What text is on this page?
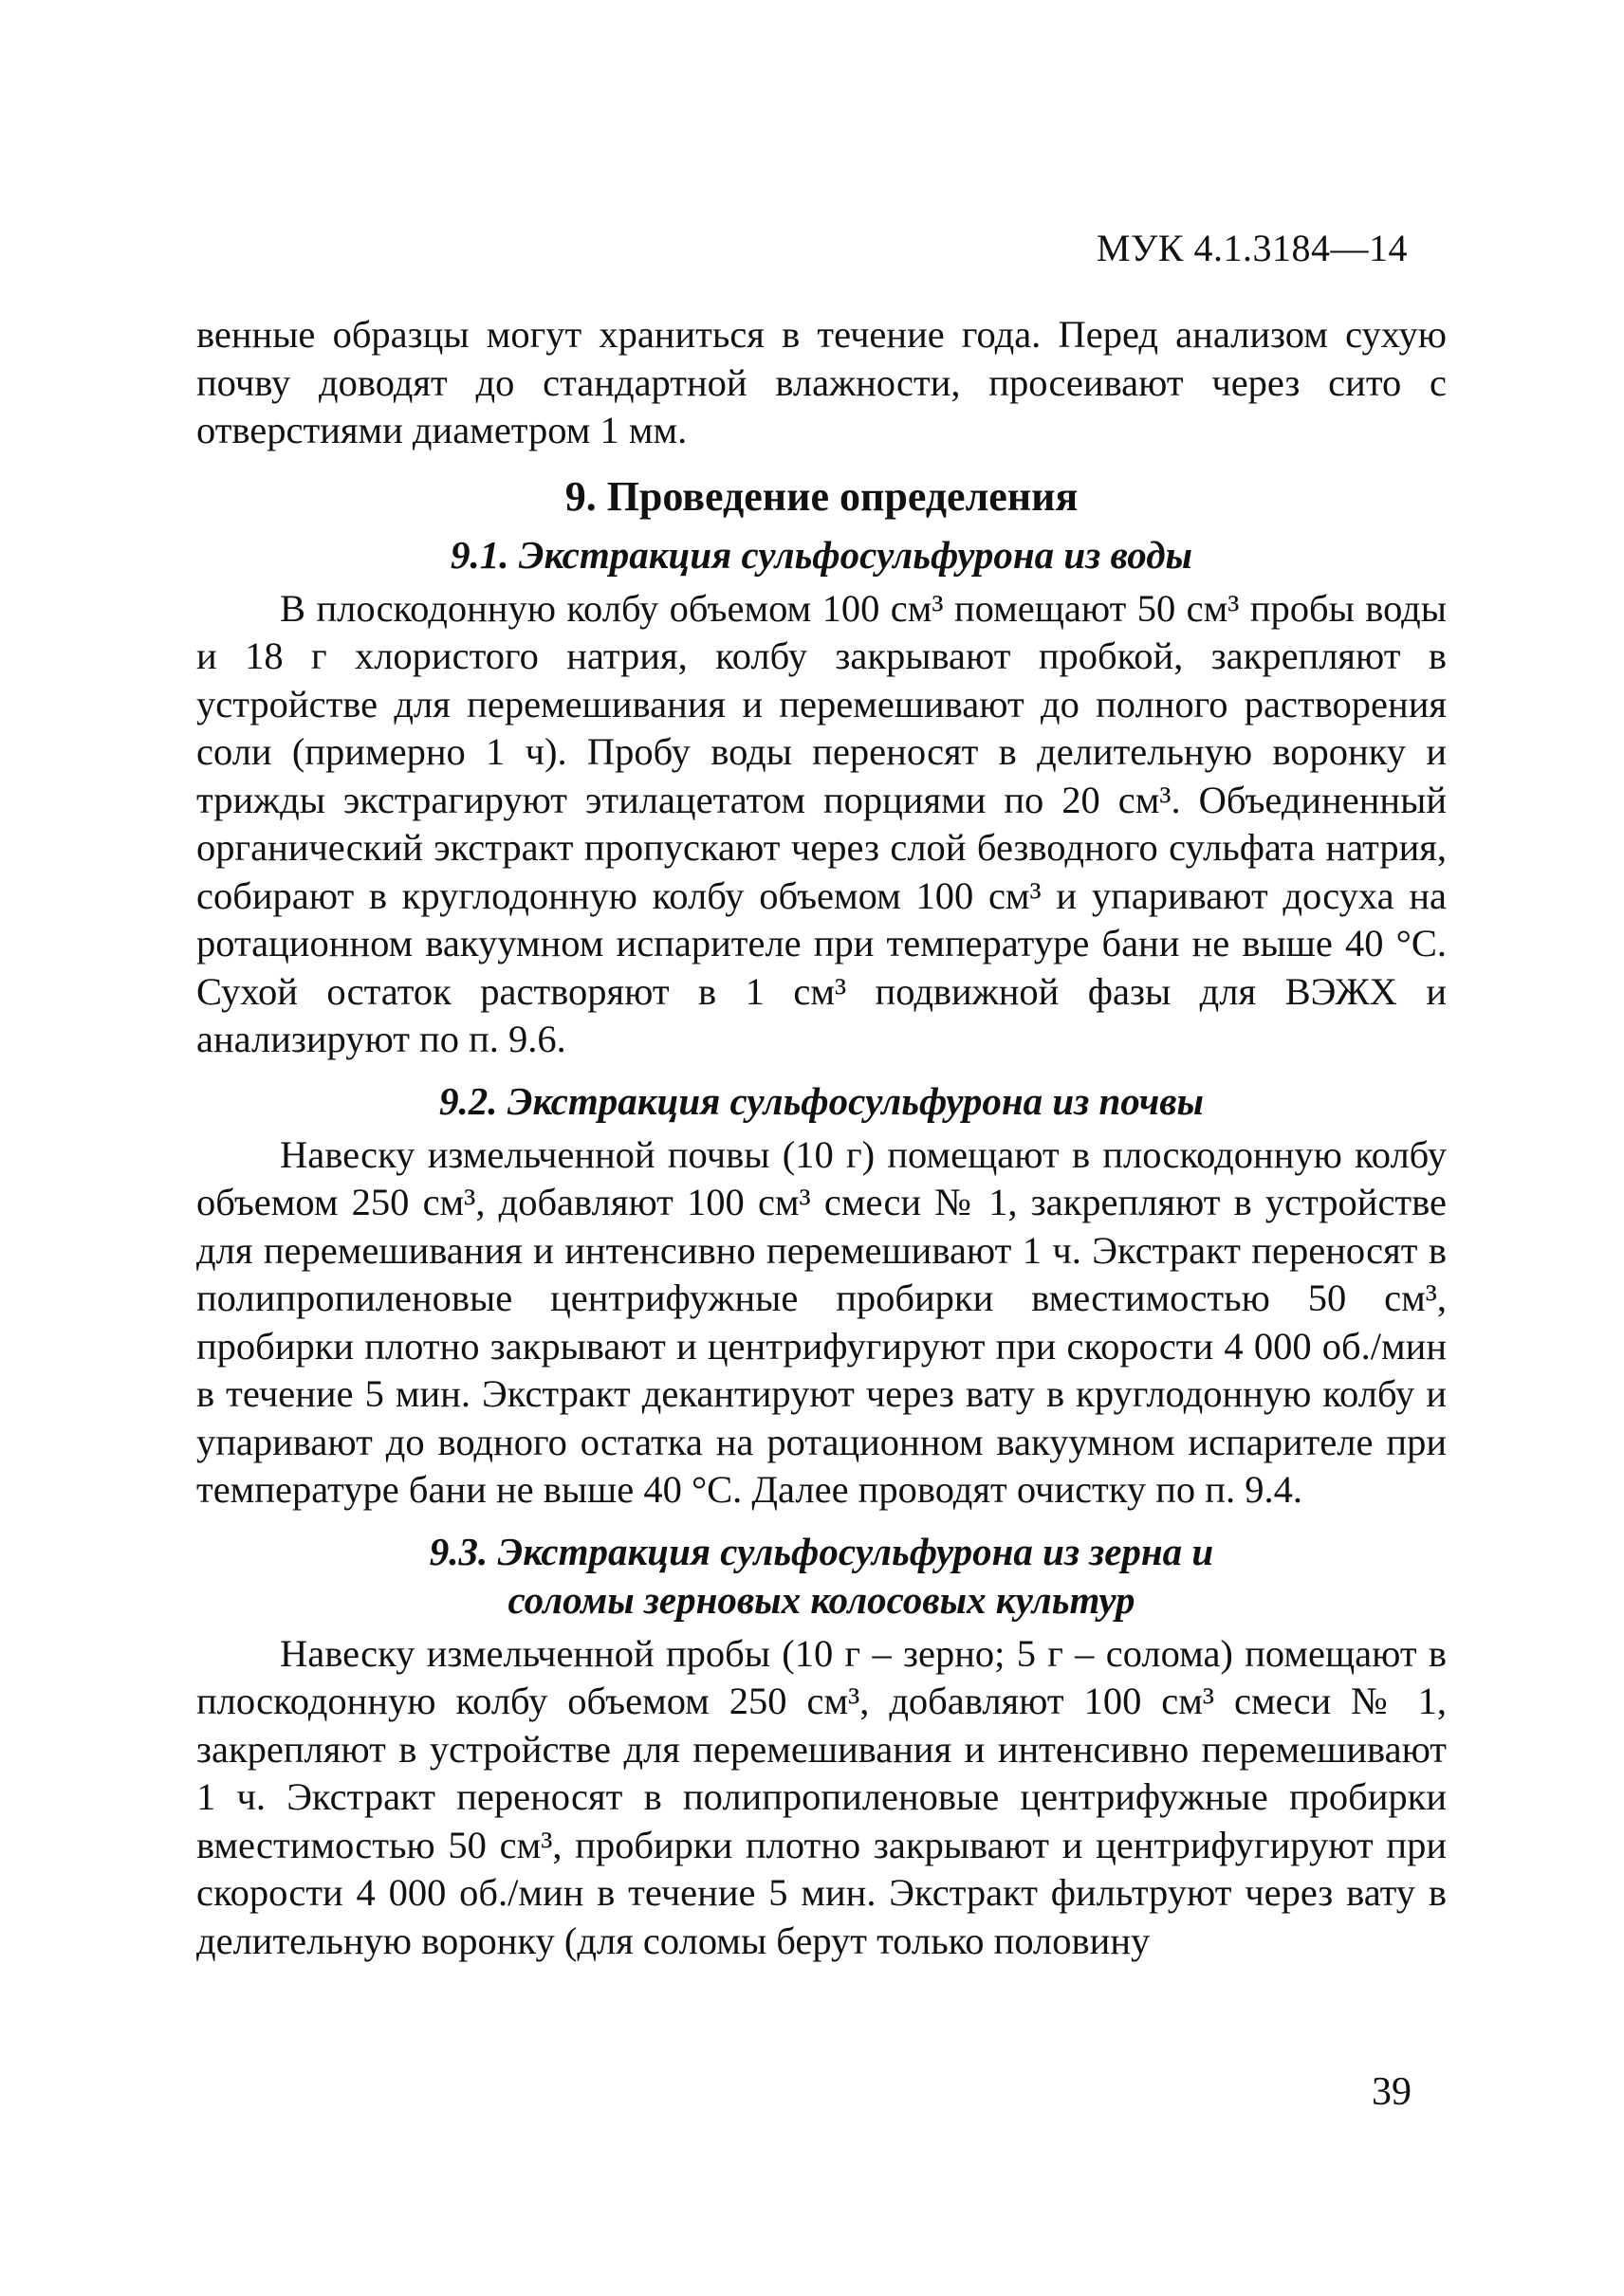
МУК 4.1.3184—14

венные образцы могут храниться в течение года. Перед анализом сухую почву доводят до стандартной влажности, просеивают через сито с отверстиями диаметром 1 мм.

9. Проведение определения
9.1. Экстракция сульфосульфурона из воды

В плоскодонную колбу объемом 100 см³ помещают 50 см³ пробы воды и 18 г хлористого натрия, колбу закрывают пробкой, закрепляют в устройстве для перемешивания и перемешивают до полного растворения соли (примерно 1 ч). Пробу воды переносят в делительную воронку и трижды экстрагируют этилацетатом порциями по 20 см³. Объединенный органический экстракт пропускают через слой безводного сульфата натрия, собирают в круглодонную колбу объемом 100 см³ и упаривают досуха на ротационном вакуумном испарителе при температуре бани не выше 40 °С. Сухой остаток растворяют в 1 см³ подвижной фазы для ВЭЖХ и анализируют по п. 9.6.

9.2. Экстракция сульфосульфурона из почвы

Навеску измельченной почвы (10 г) помещают в плоскодонную колбу объемом 250 см³, добавляют 100 см³ смеси № 1, закрепляют в устройстве для перемешивания и интенсивно перемешивают 1 ч. Экстракт переносят в полипропиленовые центрифужные пробирки вместимостью 50 см³, пробирки плотно закрывают и центрифугируют при скорости 4 000 об./мин в течение 5 мин. Экстракт декантируют через вату в круглодонную колбу и упаривают до водного остатка на ротационном вакуумном испарителе при температуре бани не выше 40 °С. Далее проводят очистку по п. 9.4.

9.3. Экстракция сульфосульфурона из зерна и
соломы зерновых колосовых культур

Навеску измельченной пробы (10 г – зерно; 5 г – солома) помещают в плоскодонную колбу объемом 250 см³, добавляют 100 см³ смеси № 1, закрепляют в устройстве для перемешивания и интенсивно перемешивают 1 ч. Экстракт переносят в полипропиленовые центрифужные пробирки вместимостью 50 см³, пробирки плотно закрывают и центрифугируют при скорости 4 000 об./мин в течение 5 мин. Экстракт фильтруют через вату в делительную воронку (для соломы берут только половину

39
